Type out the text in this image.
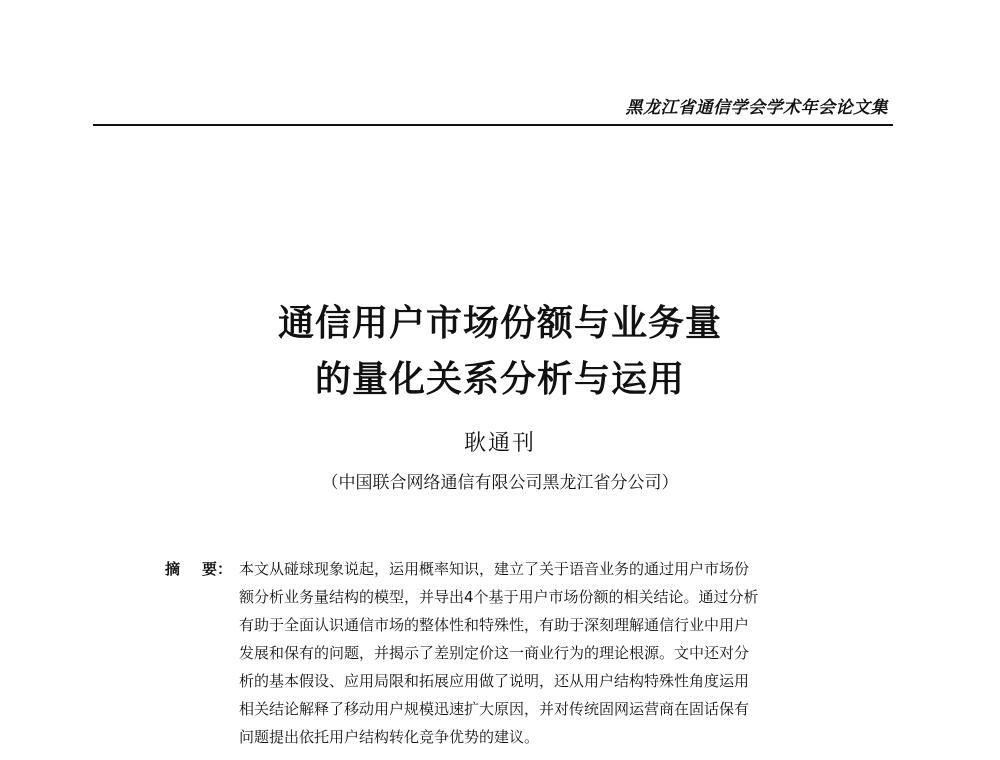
黑龙江省通信学会学术年会论文集
通信用户市场份额与业务量
的量化关系分析与运用
耿通刊
（中国联合网络通信有限公司黑龙江省分公司）
摘 要： 本文从碰球现象说起，运用概率知识，建立了关于语音业务的通过用户市场份
额分析业务量结构的模型，并导出4个基于用户市场份额的相关结论。通过分析
有助于全面认识通信市场的整体性和特殊性，有助于深刻理解通信行业中用户
发展和保有的问题，并揭示了差别定价这一商业行为的理论根源。文中还对分
析的基本假设、应用局限和拓展应用做了说明，还从用户结构特殊性角度运用
相关结论解释了移动用户规模迅速扩大原因，并对传统固网运营商在固话保有
问题提出依托用户结构转化竞争优势的建议。
